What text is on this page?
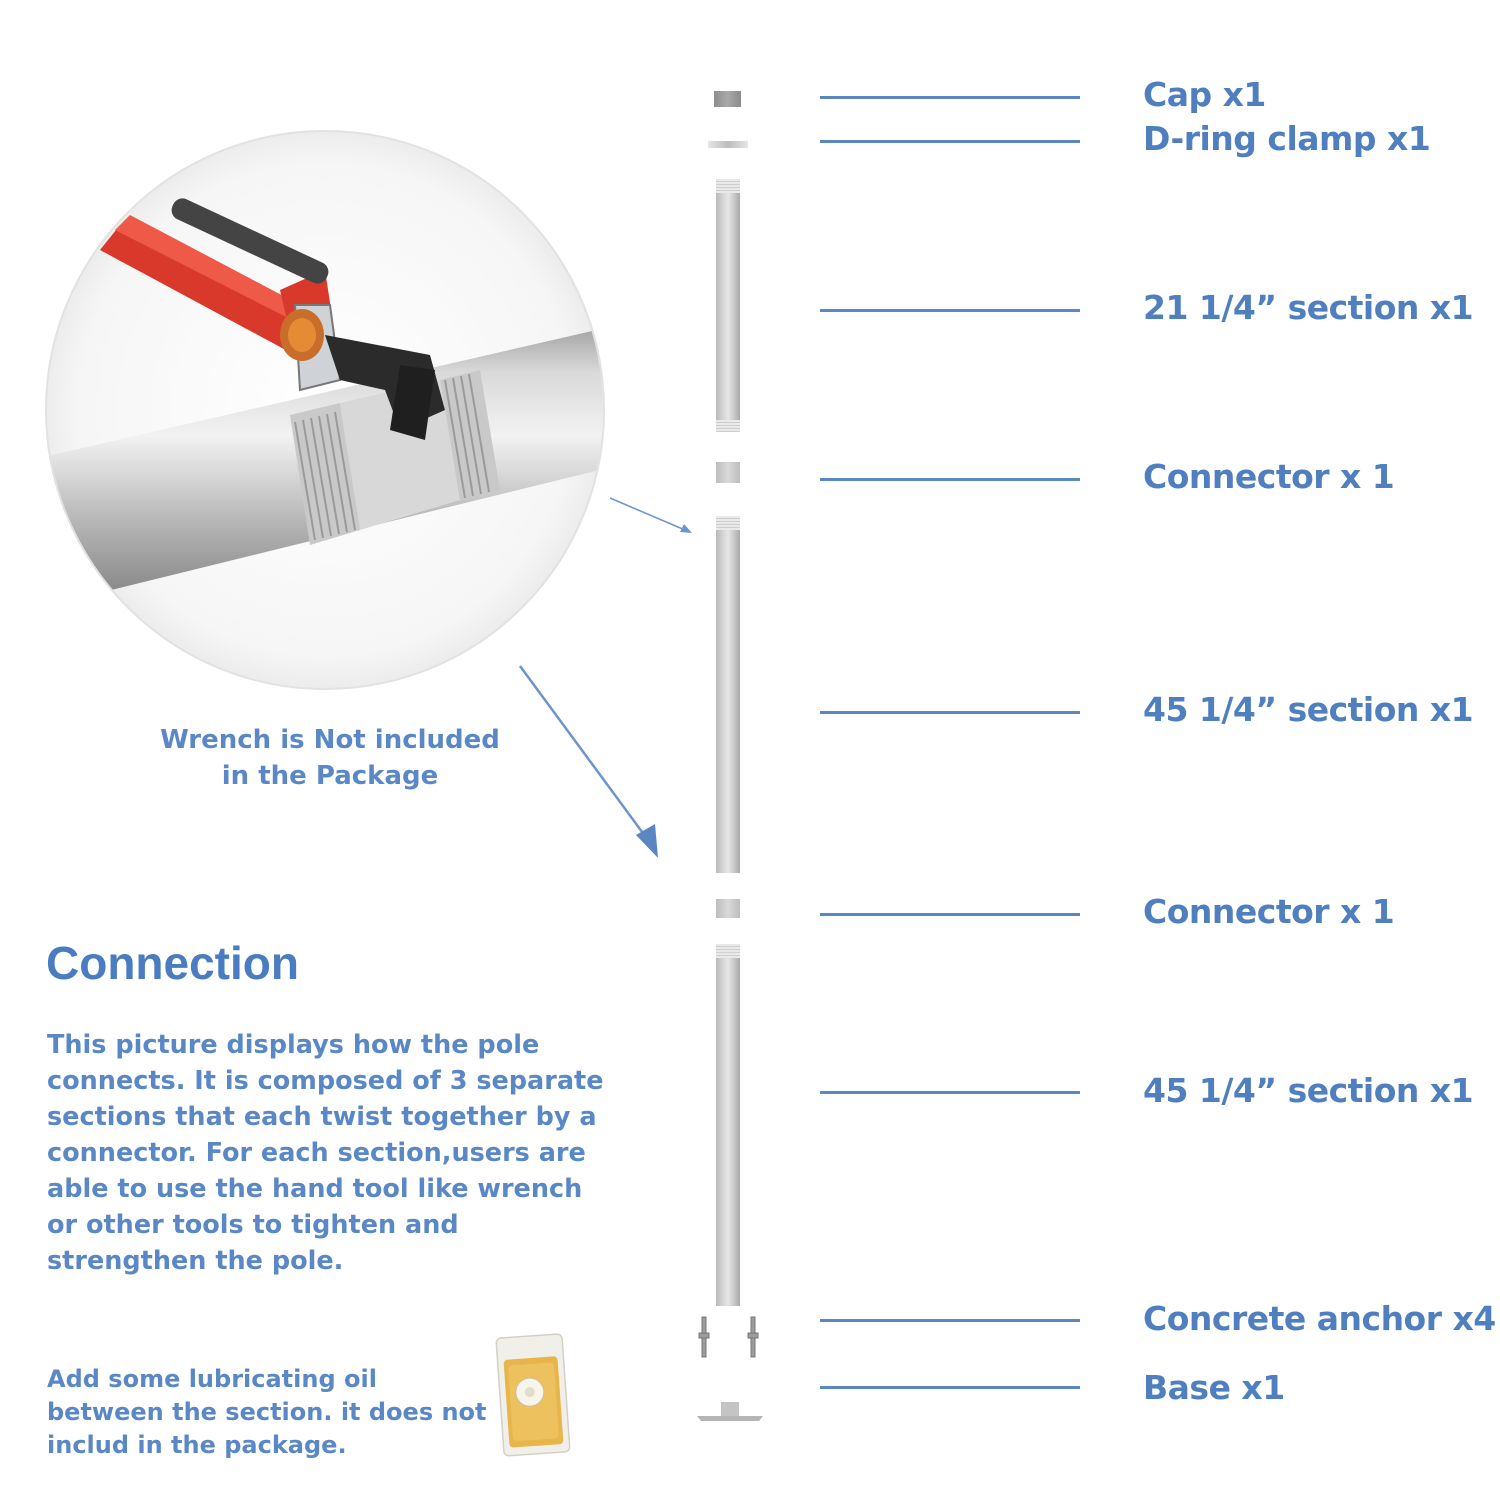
Cap x1
D-ring clamp x1
21 1/4” section x1
Connector x 1
45 1/4” section x1
Connector x 1
45 1/4” section x1
Concrete anchor x4
Base x1
Wrench is Not included
in the Package
Connection
This picture displays how the pole connects. It is composed of 3 separate sections that each twist together by a connector. For each section,users are able to use the hand tool like wrench or other tools to tighten and strengthen the pole.
Add some lubricating oil between the section. it does not includ in the package.
